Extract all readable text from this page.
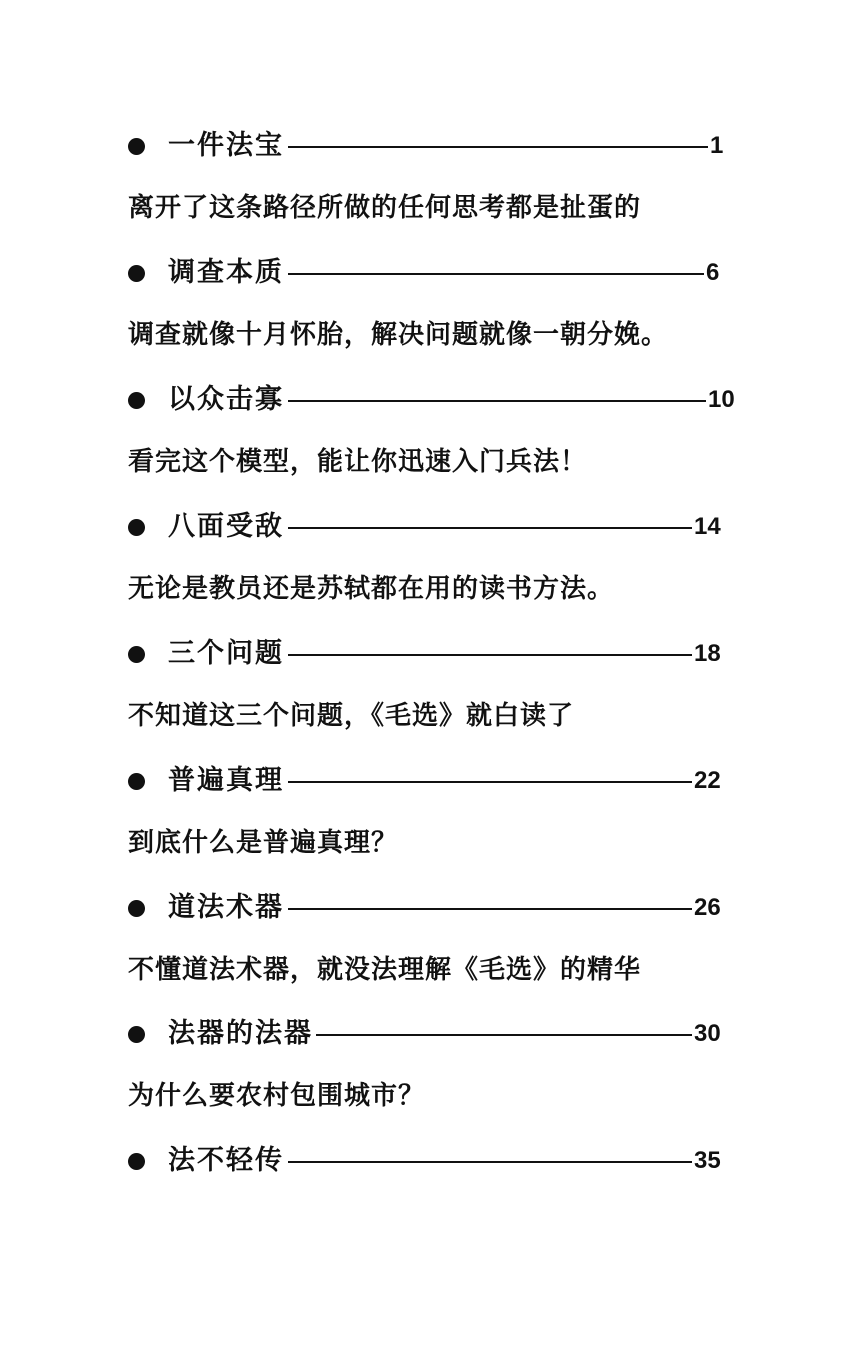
一件法宝	1
离开了这条路径所做的任何思考都是扯蛋的
调查本质	6
调查就像十月怀胎，解决问题就像一朝分娩。
以众击寡	10
看完这个模型，能让你迅速入门兵法！
八面受敌	14
无论是教员还是苏轼都在用的读书方法。
三个问题	18
不知道这三个问题，《毛选》就白读了
普遍真理	22
到底什么是普遍真理？
道法术器	26
不懂道法术器，就没法理解《毛选》的精华
法器的法器	30
为什么要农村包围城市？
法不轻传	35
